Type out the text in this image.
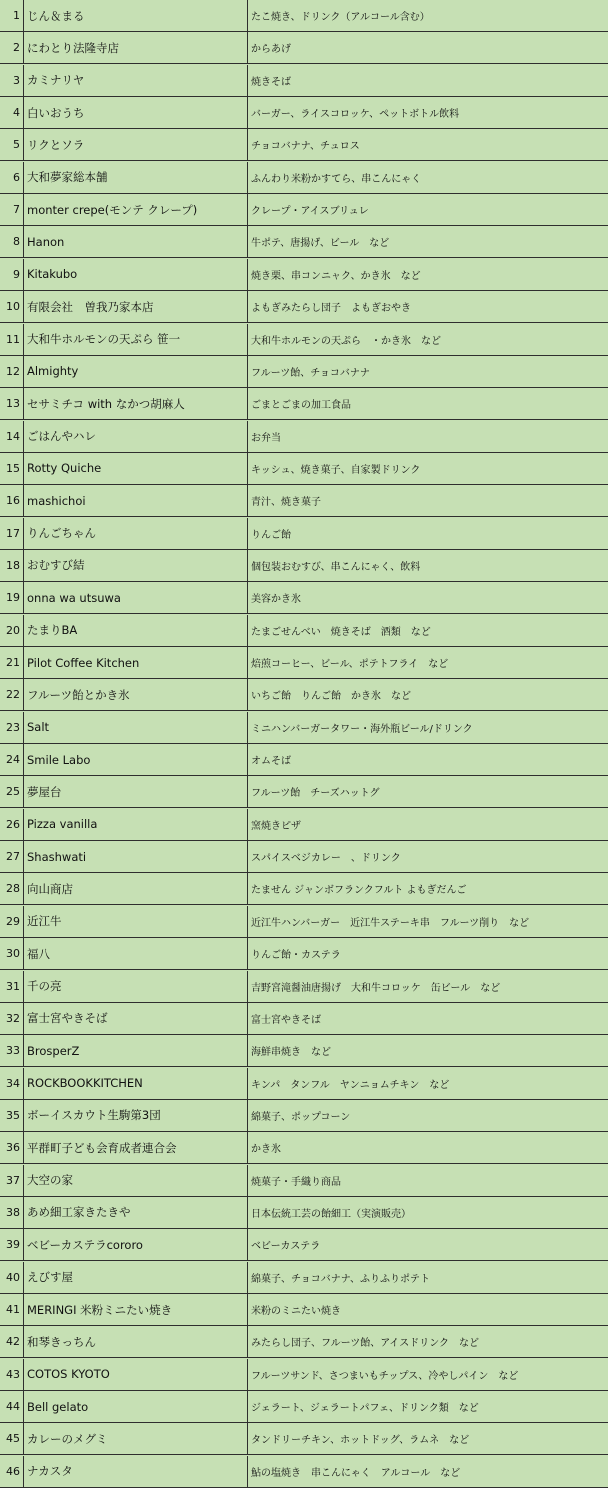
1 じん＆まる	たこ焼き、ドリンク（アルコール含む）
2 にわとり法隆寺店	からあげ
3 カミナリヤ	焼きそば
4 白いおうち	バーガー、ライスコロッケ、ペットボトル飲料
5 リクとソラ	チョコバナナ、チュロス
6 大和夢家総本舗	ふんわり米粉かすてら、串こんにゃく
7 monter crepe(モンテ クレープ)	クレープ・アイスブリュレ
8 Hanon	牛ポテ、唐揚げ、ビール　など
9 Kitakubo	焼き栗、串コンニャク、かき氷　など
10 有限会社　曽我乃家本店	よもぎみたらし団子　よもぎおやき
11 大和牛ホルモンの天ぷら 笹一	大和牛ホルモンの天ぷら　・かき氷　など
12 Almighty	フルーツ飴、チョコバナナ
13 セサミチコ with なかつ胡麻人	ごまとごまの加工食品
14 ごはんやハレ	お弁当
15 Rotty Quiche	キッシュ、焼き菓子、自家製ドリンク
16 mashichoi	青汁、焼き菓子
17 りんごちゃん	りんご飴
18 おむすび結	個包装おむすび、串こんにゃく、飲料
19 onna wa utsuwa	美容かき氷
20 たまりBA	たまごせんべい　焼きそば　酒類　など
21 Pilot Coffee Kitchen	焙煎コーヒー、ビール、ポテトフライ　など
22 フルーツ飴とかき氷	いちご飴　りんご飴　かき氷　など
23 Salt	ミニハンバーガータワー・海外瓶ビール/ドリンク
24 Smile Labo	オムそば
25 夢屋台	フルーツ飴　チーズハットグ
26 Pizza vanilla	窯焼きピザ
27 Shashwati	スパイスベジカレー　、ドリンク
28 向山商店	たません ジャンボフランクフルト よもぎだんご
29 近江牛	近江牛ハンバーガー　近江牛ステーキ串　フルーツ削り　など
30 福八	りんご飴・カステラ
31 千の亮	吉野宮滝醤油唐揚げ　大和牛コロッケ　缶ビール　など
32 富士宮やきそば	富士宮やきそば
33 BrosperZ	海鮮串焼き　など
34 ROCKBOOKKITCHEN	キンパ　タンフル　ヤンニョムチキン　など
35 ボーイスカウト生駒第3団	綿菓子、ポップコーン
36 平群町子ども会育成者連合会	かき氷
37 大空の家	焼菓子・手織り商品
38 あめ細工家きたきや	日本伝統工芸の飴細工（実演販売）
39 ベビーカステラcororo	ベビーカステラ
40 えびす屋	綿菓子、チョコバナナ、ふりふりポテト
41 MERINGI 米粉ミニたい焼き	米粉のミニたい焼き
42 和琴きっちん	みたらし団子、フルーツ飴、アイスドリンク　など
43 COTOS KYOTO	フルーツサンド、さつまいもチップス、冷やしパイン　など
44 Bell gelato	ジェラート、ジェラートパフェ、ドリンク類　など
45 カレーのメグミ	タンドリーチキン、ホットドッグ、ラムネ　など
46 ナカスタ	鮎の塩焼き　串こんにゃく　アルコール　など
